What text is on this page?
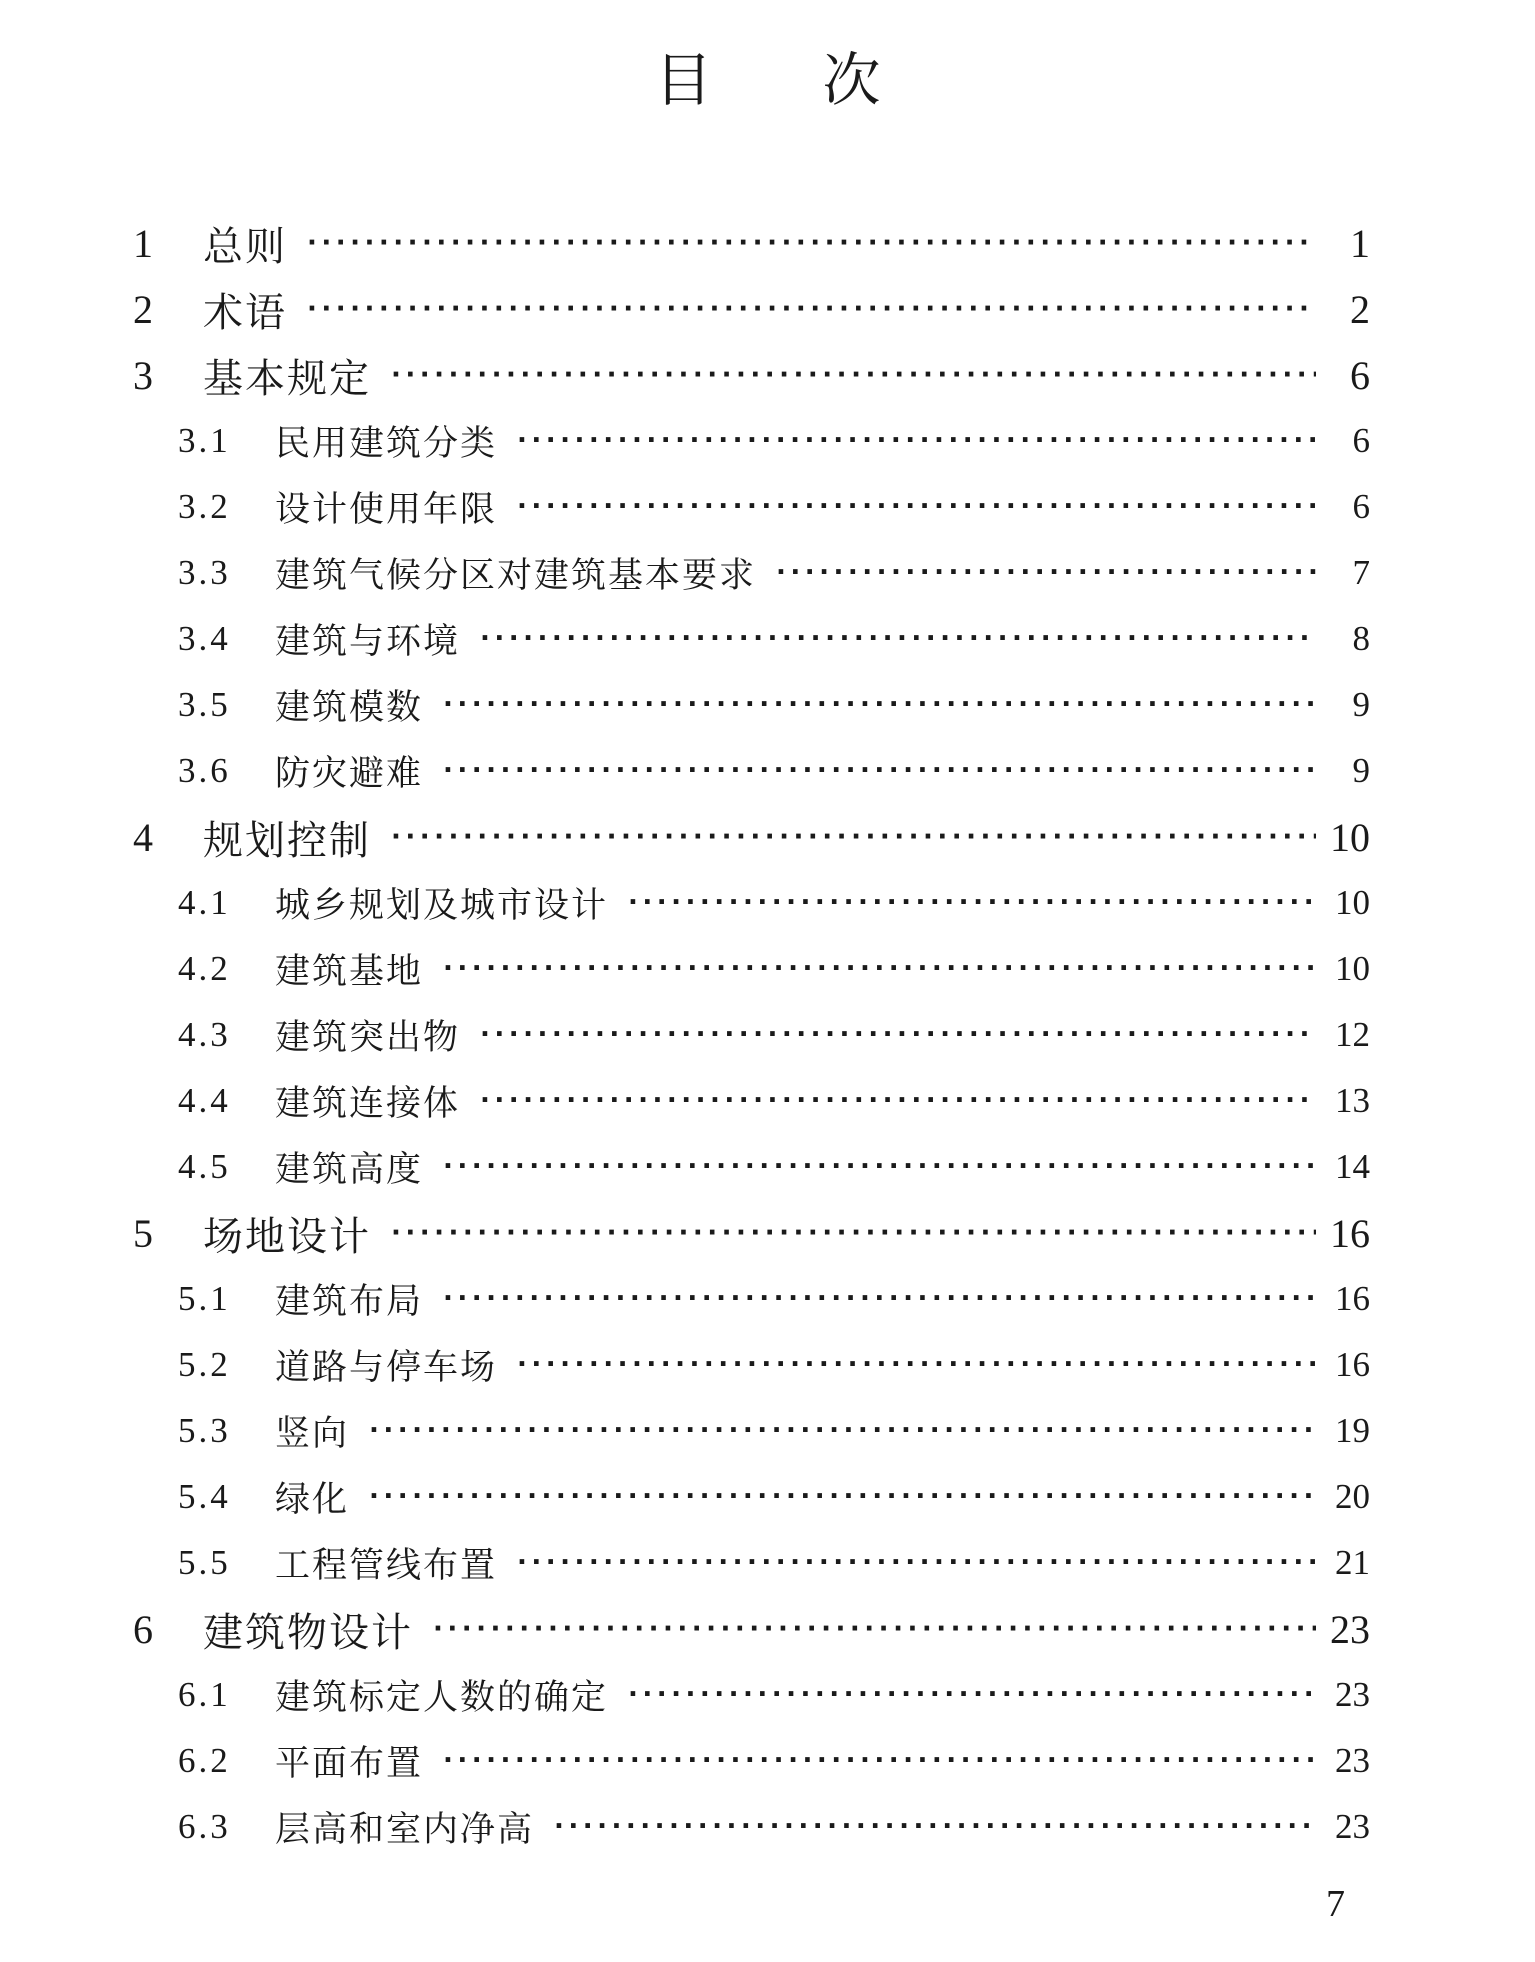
目次
1	总则 ·····	1
2	术语 ·····	2
3	基本规定 ·····	6
3.1	民用建筑分类 ·····	6
3.2	设计使用年限 ·····	6
3.3	建筑气候分区对建筑基本要求 ·····	7
3.4	建筑与环境 ·····	8
3.5	建筑模数 ·····	9
3.6	防灾避难 ·····	9
4	规划控制 ·····	10
4.1	城乡规划及城市设计 ·····	10
4.2	建筑基地 ·····	10
4.3	建筑突出物 ·····	12
4.4	建筑连接体 ·····	13
4.5	建筑高度 ·····	14
5	场地设计 ·····	16
5.1	建筑布局 ·····	16
5.2	道路与停车场 ·····	16
5.3	竖向 ·····	19
5.4	绿化 ·····	20
5.5	工程管线布置 ·····	21
6	建筑物设计 ·····	23
6.1	建筑标定人数的确定 ·····	23
6.2	平面布置 ·····	23
6.3	层高和室内净高 ·····	23
7
